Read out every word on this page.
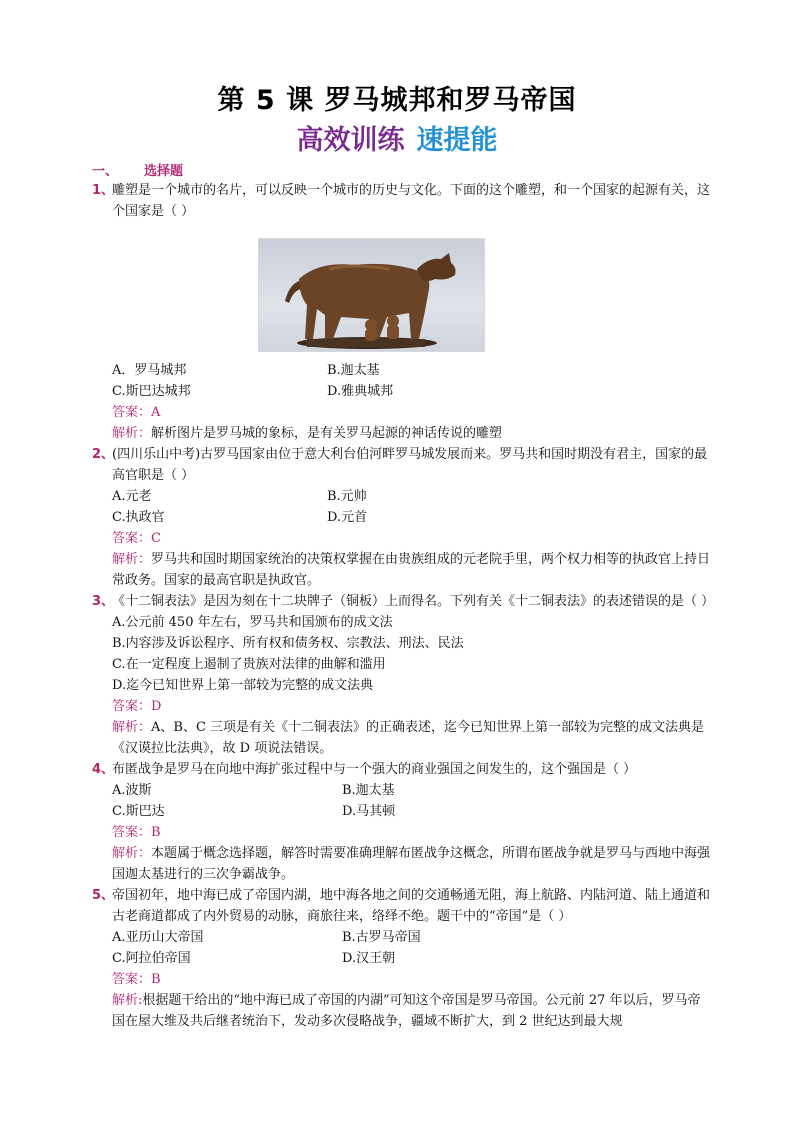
第 5 课 罗马城邦和罗马帝国
高效训练 速提能
一、 选择题
1、
雕塑是一个城市的名片，可以反映一个城市的历史与文化。下面的这个雕塑，和一个国家的起源有关，这个国家是（ ）
A．罗马城邦	B.迦太基
C.斯巴达城邦	D.雅典城邦
答案：A
解析：解析图片是罗马城的象标，是有关罗马起源的神话传说的雕塑
2、
(四川乐山中考)古罗马国家由位于意大利台伯河畔罗马城发展而来。罗马共和国时期没有君主，国家的最高官职是（ ）
A.元老	B.元帅
C.执政官	D.元首
答案：C
解析：罗马共和国时期国家统治的决策权掌握在由贵族组成的元老院手里，两个权力相等的执政官上持日常政务。国家的最高官职是执政官。
3、
《十二铜表法》是因为刻在十二块牌子（铜板）上而得名。下列有关《十二铜表法》的表述错误的是（ ）
A.公元前 450 年左右，罗马共和国颁布的成文法
B.内容涉及诉讼程序、所有权和债务权、宗教法、刑法、民法
C.在一定程度上遏制了贵族对法律的曲解和滥用
D.迄今已知世界上第一部较为完整的成文法典
答案：D
解析：A、B、C 三项是有关《十二铜表法》的正确表述，迄今已知世界上第一部较为完整的成文法典是《汉谟拉比法典》，故 D 项说法错误。
4、
布匿战争是罗马在向地中海扩张过程中与一个强大的商业强国之间发生的，这个强国是（ ）
A.波斯	B.迦太基
C.斯巴达	D.马其顿
答案：B
解析：本题属于概念选择题，解答时需要准确理解布匿战争这概念，所谓布匿战争就是罗马与西地中海强国迦太基进行的三次争霸战争。
5、
帝国初年，地中海已成了帝国内湖，地中海各地之间的交通畅通无阻，海上航路、内陆河道、陆上通道和古老商道都成了内外贸易的动脉，商旅往来，络绎不绝。题干中的“帝国”是（ ）
A.亚历山大帝国	B.古罗马帝国
C.阿拉伯帝国	D.汉王朝
答案：B
解析:根据题干给出的“地中海已成了帝国的内湖”可知这个帝国是罗马帝国。公元前 27 年以后，罗马帝国在屋大维及共后继者统治下，发动多次侵略战争，疆域不断扩大，到 2 世纪达到最大规
